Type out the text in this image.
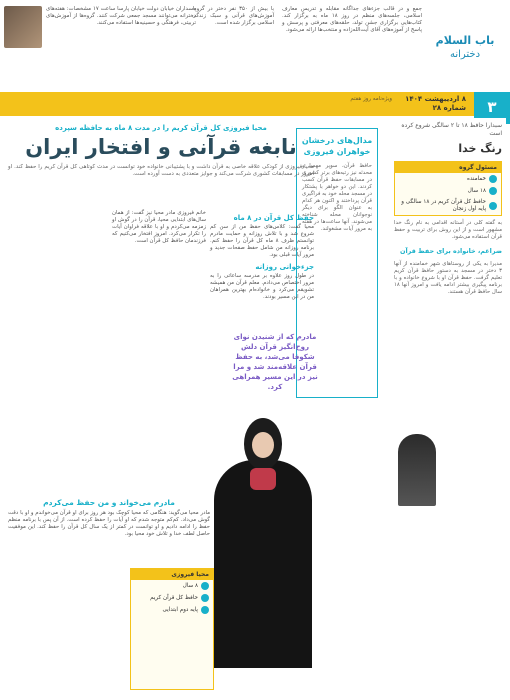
باب السلام
دخترانه
جمع و در قالب جزء‌های جداگانه مقابله و تدریس معارف اسلامی، جلسه‌های منظم در روز ۱۸ ماه به برگزار کند. کتاب‌هایی برگزاری جشن تولد، حلقه‌های معرفتی و پرسش و پاسخ از آموزه‌های آقای آیت‌الله‌زاده و منتخب‌ها ارائه می‌شود.
با بیش از ۳۵۰ نفر دختر در گروه، آموزش‌های قرآنی و سبک زندگی اسلامی برگزار شده است.
پاسداران خیابان دولت خیابان پارسا ساعت ۱۷ مشخصات: هفته‌های دخترانه می‌توانند مسجد جمعی شرکت کنند. گروه‌ها از آموزش‌های تربیتی، فرهنگی و حسینیه‌ها استفاده می‌کنند.
۳
۸ اردیبهشت ۱۴۰۴
شماره ۲۸
ویژه‌نامه روز هفتم
سبدارا حافظ ۱۸ تا ۲ سالگی شروع کرده است
رنگ خدا
مسئول گروه
خمامنده
۱۸ سال
حافظ کل قرآن کریم در ۱۸ سالگی و پایه اول زنجان
به گفته کلی در آستانه اقدامی به نام رنگ خدا مشهور است و از این روش برای تربیت و حفظ قرآن استفاده می‌شود.
ضراغم، خانواده برای حفظ قرآن
مدیرا به یکی از روستاهای شهر خمامنده از آنها ۳ دختر در مسجد به دستور حافظ قرآن کریم تعلیم گرفت. حفظ قرآن او با شروع خانواده و با برنامه پیگیری بیشتر ادامه یافت و امروز آنها ۱۸ سال حافظ قرآن هستند.
مدال‌های درخشان خواهران فیروزی
حافظ قرآن، سوپر مهسا و محدثه نیز رتبه‌های برتر کشوری در مسابقات حفظ قرآن کسب کردند. این دو خواهر با پشتکار در مسجد محله خود به فراگیری قرآن پرداختند و اکنون هر کدام به عنوان الگو برای دیگر نوجوانان محله شناخته می‌شوند. آنها ساعت‌ها در هفته به مرور آیات مشغولند.
محیا فیروزی کل قرآن کریم را در مدت ۸ ماه به حافظه سپرده
نابغه قرآنی و افتخار ایران
محیا فیروزی از کودکی علاقه خاصی به قرآن داشت و با پشتیبانی خانواده خود توانست در مدت کوتاهی کل قرآن کریم را حفظ کند. او امروز در مسابقات کشوری شرکت می‌کند و جوایز متعددی به دست آورده است.
حفظ کل قرآن در ۸ ماه
محیا گفت: کلاس‌های حفظ من از سن کم شروع شد و با تلاش روزانه و حمایت مادرم توانستم ظرف ۸ ماه کل قرآن را حفظ کنم. برنامه روزانه من شامل حفظ صفحات جدید و مرور آیات قبلی بود.
جزء‌خوانی روزانه
در طول روز علاوه بر مدرسه ساعاتی را به مرور اختصاص می‌دادم. معلم قرآن من همیشه تشویقم می‌کرد و خانواده‌ام بهترین همراهان من در این مسیر بودند.
خانم فیروزی مادر محیا نیز گفت: از همان سال‌های ابتدایی محیا، قرآن را در گوش او زمزمه می‌کردم و او با علاقه فراوان آیات را تکرار می‌کرد. امروز افتخار می‌کنیم که فرزندمان حافظ کل قرآن است.
مادرم که از شنیدن نوای روح‌انگیز قرآن دلش شکوفا می‌شد، به حفظ قرآن علاقه‌مند شد و مرا نیز در این مسیر همراهی کرد.
محیا فیروزی
۸ سال
حافظ کل قرآن کریم
پایه دوم ابتدایی
مادرم می‌خواند و من حفظ می‌کردم
مادر محیا می‌گوید: هنگامی که محیا کوچک بود هر روز برای او قرآن می‌خواندم و او با دقت گوش می‌داد. کم‌کم متوجه شدم که او آیات را حفظ کرده است. از آن پس با برنامه منظم حفظ را ادامه دادیم و او توانست در کمتر از یک سال کل قرآن را حفظ کند. این موفقیت حاصل لطف خدا و تلاش خود محیا بود.
